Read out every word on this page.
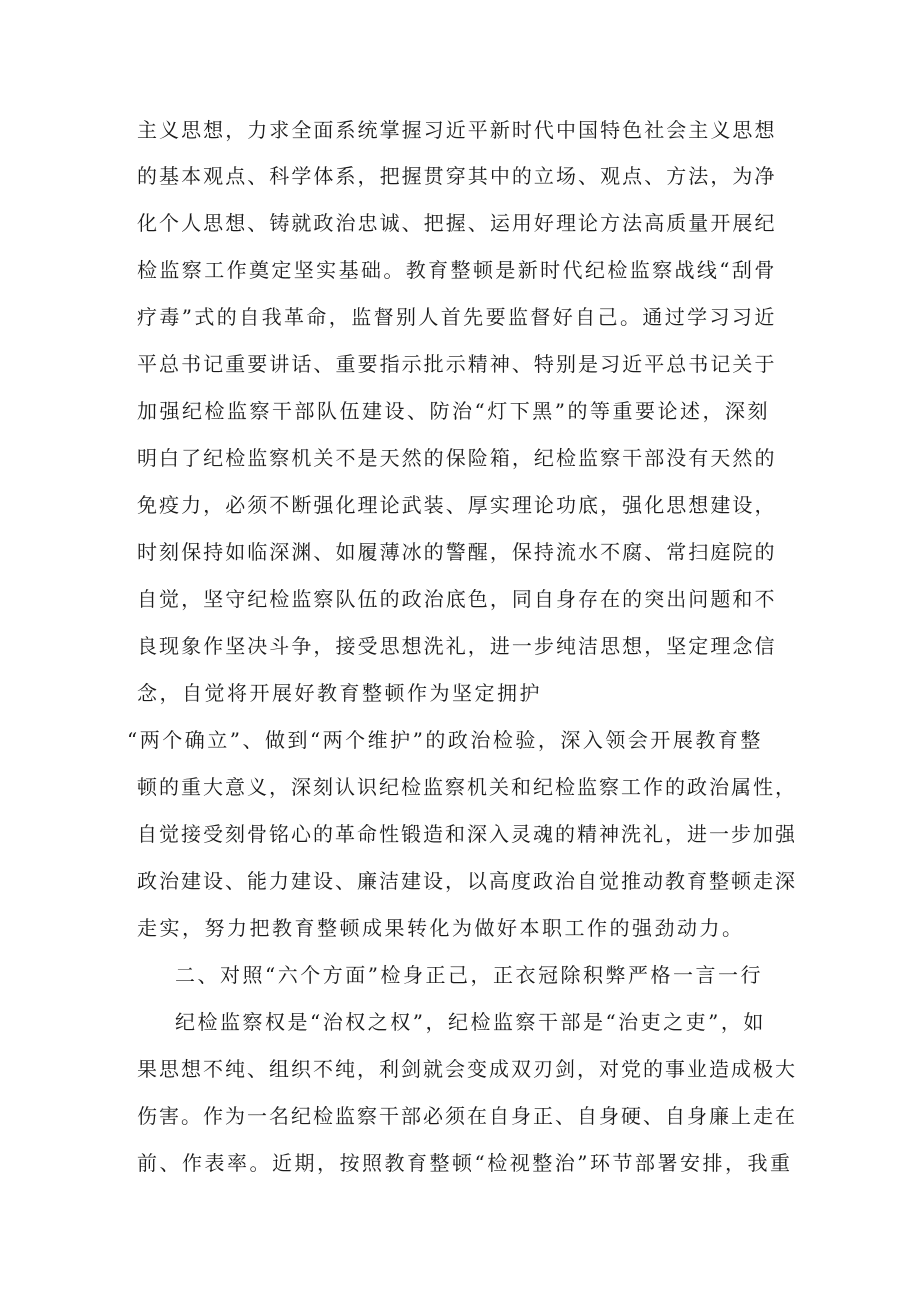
主义思想，力求全面系统掌握习近平新时代中国特色社会主义思想
的基本观点、科学体系，把握贯穿其中的立场、观点、方法，为净
化个人思想、铸就政治忠诚、把握、运用好理论方法高质量开展纪
检监察工作奠定坚实基础。教育整顿是新时代纪检监察战线“刮骨
疗毒”式的自我革命，监督别人首先要监督好自己。通过学习习近
平总书记重要讲话、重要指示批示精神、特别是习近平总书记关于
加强纪检监察干部队伍建设、防治“灯下黑”的等重要论述，深刻
明白了纪检监察机关不是天然的保险箱，纪检监察干部没有天然的
免疫力，必须不断强化理论武装、厚实理论功底，强化思想建设，
时刻保持如临深渊、如履薄冰的警醒，保持流水不腐、常扫庭院的
自觉，坚守纪检监察队伍的政治底色，同自身存在的突出问题和不
良现象作坚决斗争，接受思想洗礼，进一步纯洁思想，坚定理念信
念，自觉将开展好教育整顿作为坚定拥护
“两个确立”、做到“两个维护”的政治检验，深入领会开展教育整
顿的重大意义，深刻认识纪检监察机关和纪检监察工作的政治属性，
自觉接受刻骨铭心的革命性锻造和深入灵魂的精神洗礼，进一步加强
政治建设、能力建设、廉洁建设，以高度政治自觉推动教育整顿走深
走实，努力把教育整顿成果转化为做好本职工作的强劲动力。
二、对照“六个方面”检身正己，正衣冠除积弊严格一言一行
纪检监察权是“治权之权”，纪检监察干部是“治吏之吏”，如
果思想不纯、组织不纯，利剑就会变成双刃剑，对党的事业造成极大
伤害。作为一名纪检监察干部必须在自身正、自身硬、自身廉上走在
前、作表率。近期，按照教育整顿“检视整治”环节部署安排，我重
